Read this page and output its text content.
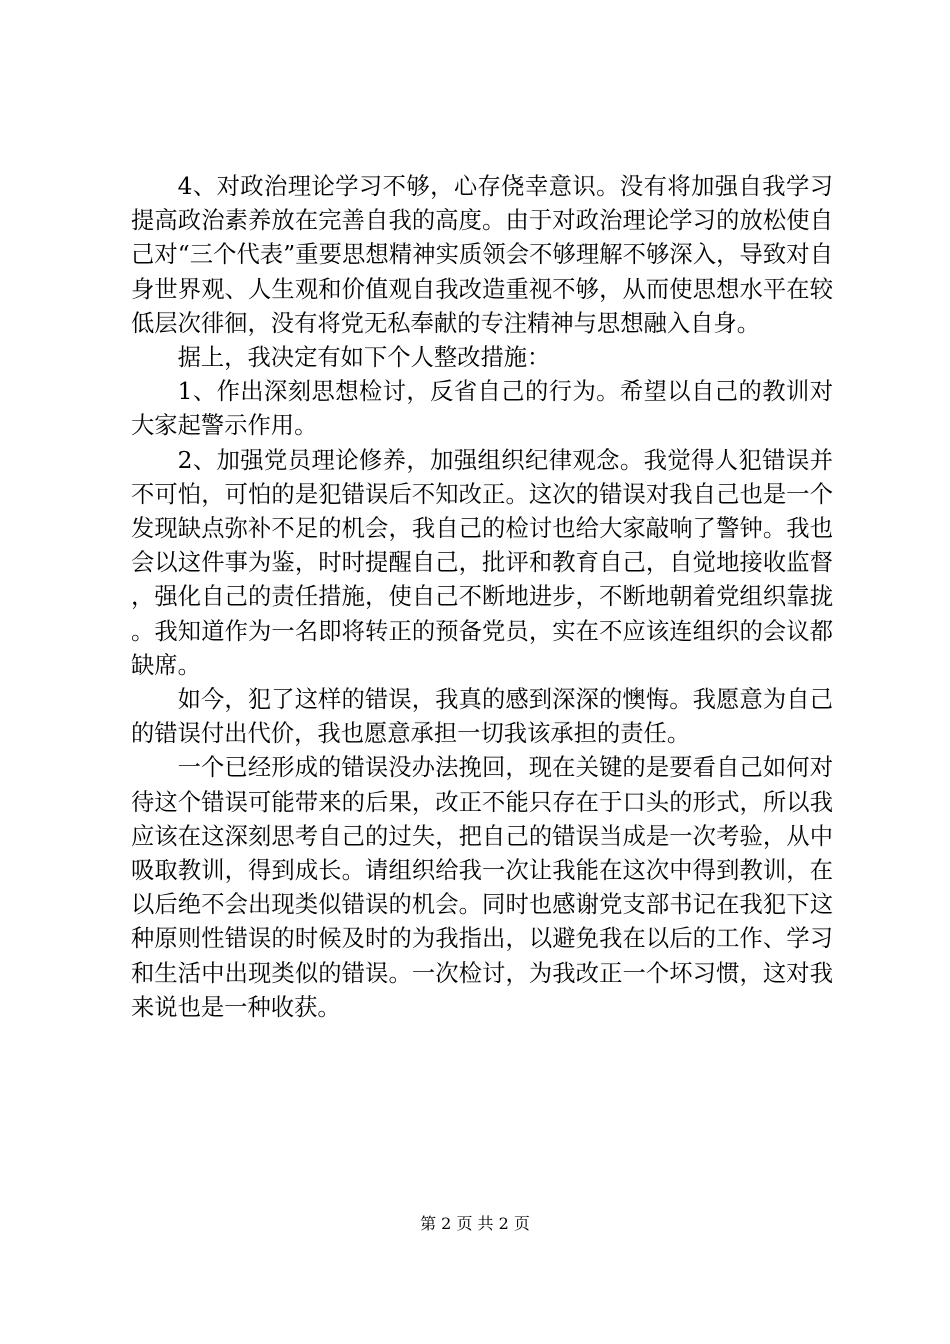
4、对政治理论学习不够，心存侥幸意识。没有将加强自我学习提高政治素养放在完善自我的高度。由于对政治理论学习的放松使自己对“三个代表”重要思想精神实质领会不够理解不够深入，导致对自身世界观、人生观和价值观自我改造重视不够，从而使思想水平在较低层次徘徊，没有将党无私奉献的专注精神与思想融入自身。

据上，我决定有如下个人整改措施：

1、作出深刻思想检讨，反省自己的行为。希望以自己的教训对大家起警示作用。

2、加强党员理论修养，加强组织纪律观念。我觉得人犯错误并不可怕，可怕的是犯错误后不知改正。这次的错误对我自己也是一个发现缺点弥补不足的机会，我自己的检讨也给大家敲响了警钟。我也会以这件事为鉴，时时提醒自己，批评和教育自己，自觉地接收监督，强化自己的责任措施，使自己不断地进步，不断地朝着党组织靠拢。我知道作为一名即将转正的预备党员，实在不应该连组织的会议都缺席。

如今，犯了这样的错误，我真的感到深深的懊悔。我愿意为自己的错误付出代价，我也愿意承担一切我该承担的责任。

一个已经形成的错误没办法挽回，现在关键的是要看自己如何对待这个错误可能带来的后果，改正不能只存在于口头的形式，所以我应该在这深刻思考自己的过失，把自己的错误当成是一次考验，从中吸取教训，得到成长。请组织给我一次让我能在这次中得到教训，在以后绝不会出现类似错误的机会。同时也感谢党支部书记在我犯下这种原则性错误的时候及时的为我指出，以避免我在以后的工作、学习和生活中出现类似的错误。一次检讨，为我改正一个坏习惯，这对我来说也是一种收获。

第 2 页 共 2 页
